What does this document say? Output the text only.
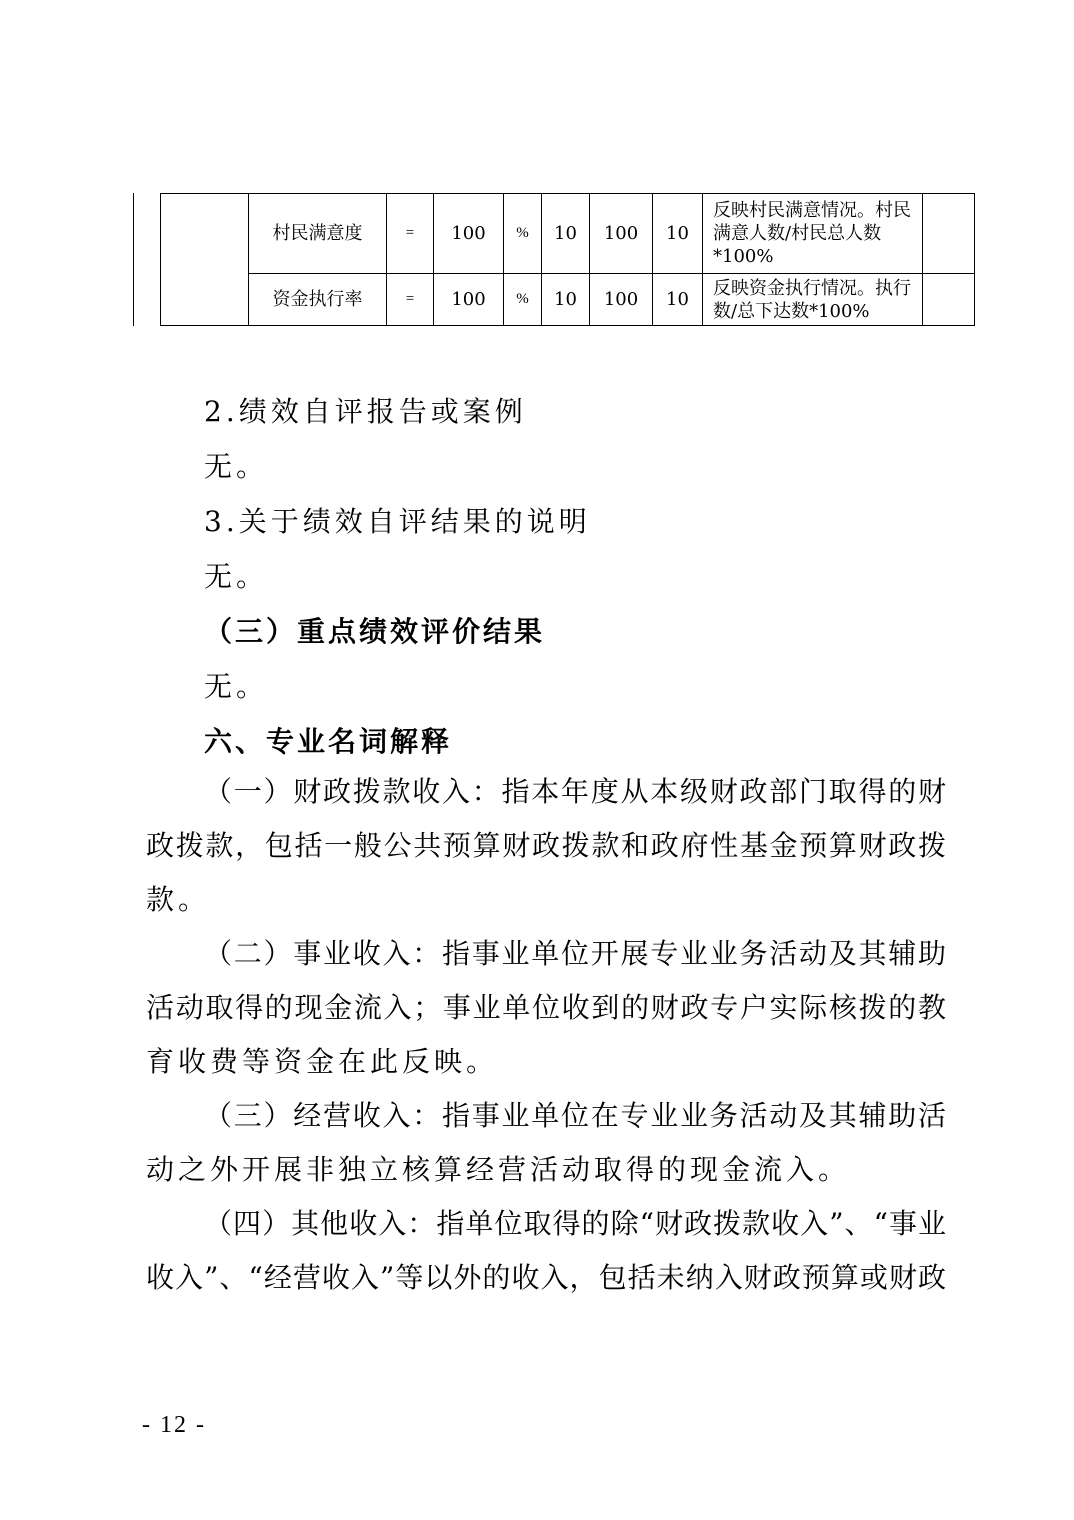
	村民满意度	=	100	%	10	100	10	反映村民满意情况。村民满意人数/村民总人数*100%	
	资金执行率	=	100	%	10	100	10	反映资金执行情况。执行数/总下达数*100%	
2.绩效自评报告或案例
无。
3.关于绩效自评结果的说明
无。
（三）重点绩效评价结果
无。
六、专业名词解释
（一）财政拨款收入：指本年度从本级财政部门取得的财
政拨款，包括一般公共预算财政拨款和政府性基金预算财政拨
款。
（二）事业收入：指事业单位开展专业业务活动及其辅助
活动取得的现金流入；事业单位收到的财政专户实际核拨的教
育收费等资金在此反映。
（三）经营收入：指事业单位在专业业务活动及其辅助活
动之外开展非独立核算经营活动取得的现金流入。
（四）其他收入：指单位取得的除“财政拨款收入”、“事业
收入”、“经营收入”等以外的收入，包括未纳入财政预算或财政
- 12 -
